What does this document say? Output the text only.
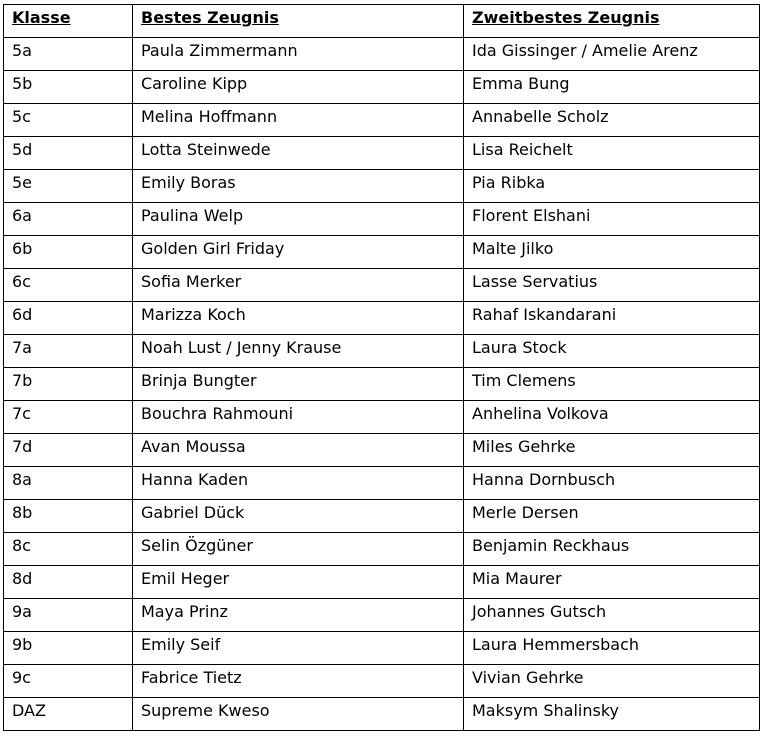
Klasse	Bestes Zeugnis	Zweitbestes Zeugnis

5a	Paula Zimmermann	Ida Gissinger / Amelie Arenz

5b	Caroline Kipp	Emma Bung

5c	Melina Hoffmann	Annabelle Scholz

5d	Lotta Steinwede	Lisa Reichelt

5e	Emily Boras	Pia Ribka

6a	Paulina Welp	Florent Elshani

6b	Golden Girl Friday	Malte Jilko

6c	Sofia Merker	Lasse Servatius

6d	Marizza Koch	Rahaf Iskandarani

7a	Noah Lust / Jenny Krause	Laura Stock

7b	Brinja Bungter	Tim Clemens

7c	Bouchra Rahmouni	Anhelina Volkova

7d	Avan Moussa	Miles Gehrke

8a	Hanna Kaden	Hanna Dornbusch

8b	Gabriel Dück	Merle Dersen

8c	Selin Özgüner	Benjamin Reckhaus

8d	Emil Heger	Mia Maurer

9a	Maya Prinz	Johannes Gutsch

9b	Emily Seif	Laura Hemmersbach

9c	Fabrice Tietz	Vivian Gehrke

DAZ	Supreme Kweso	Maksym Shalinsky
